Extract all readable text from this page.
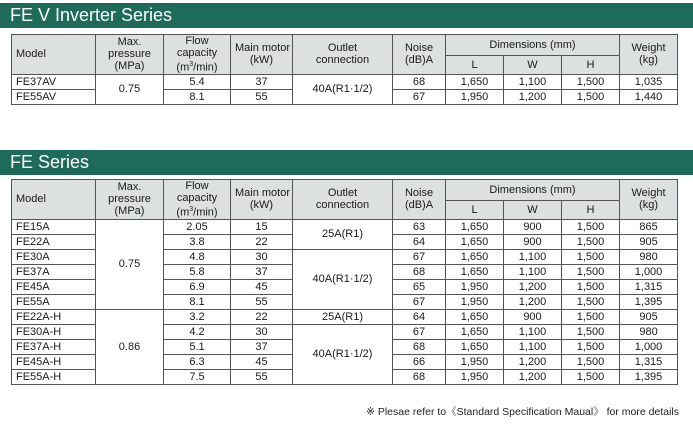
FE V Inverter Series
Model	Max.
pressure
(MPa)	Flow
capacity
$(m^3/\min)$	Main motor
(kW)	Outlet
connection	Noise
(dB)A	Dimensions (mm)			Weight
(kg)
						L	W	H	
FE37AV	0.75	5.4	37	40A(R1·1/2)	68	1,650	1,100	1,500	1,035
FE55AV		8.1	55		67	1,950	1,200	1,500	1,440
FE Series
Model	Max.
pressure
(MPa)	Flow
capacity
$(m^3/\min)$	Main motor
(kW)	Outlet
connection	Noise
(dB)A	Dimensions (mm)			Weight
(kg)
						L	W	H	
FE15A	0.75	2.05	15	25A(R1)	63	1,650	900	1,500	865
FE22A		3.8	22		64	1,650	900	1,500	905
FE30A		4.8	30	40A(R1·1/2)	67	1,650	1,100	1,500	980
FE37A		5.8	37		68	1,650	1,100	1,500	1,000
FE45A		6.9	45		65	1,950	1,200	1,500	1,315
FE55A		8.1	55		67	1,950	1,200	1,500	1,395
FE22A-H	0.86	3.2	22	25A(R1)	64	1,650	900	1,500	905
FE30A-H		4.2	30	40A(R1·1/2)	67	1,650	1,100	1,500	980
FE37A-H		5.1	37		68	1,650	1,100	1,500	1,000
FE45A-H		6.3	45		66	1,950	1,200	1,500	1,315
FE55A-H		7.5	55		68	1,950	1,200	1,500	1,395
※ Plesae refer to《Standard Specification Maual》 for more details
